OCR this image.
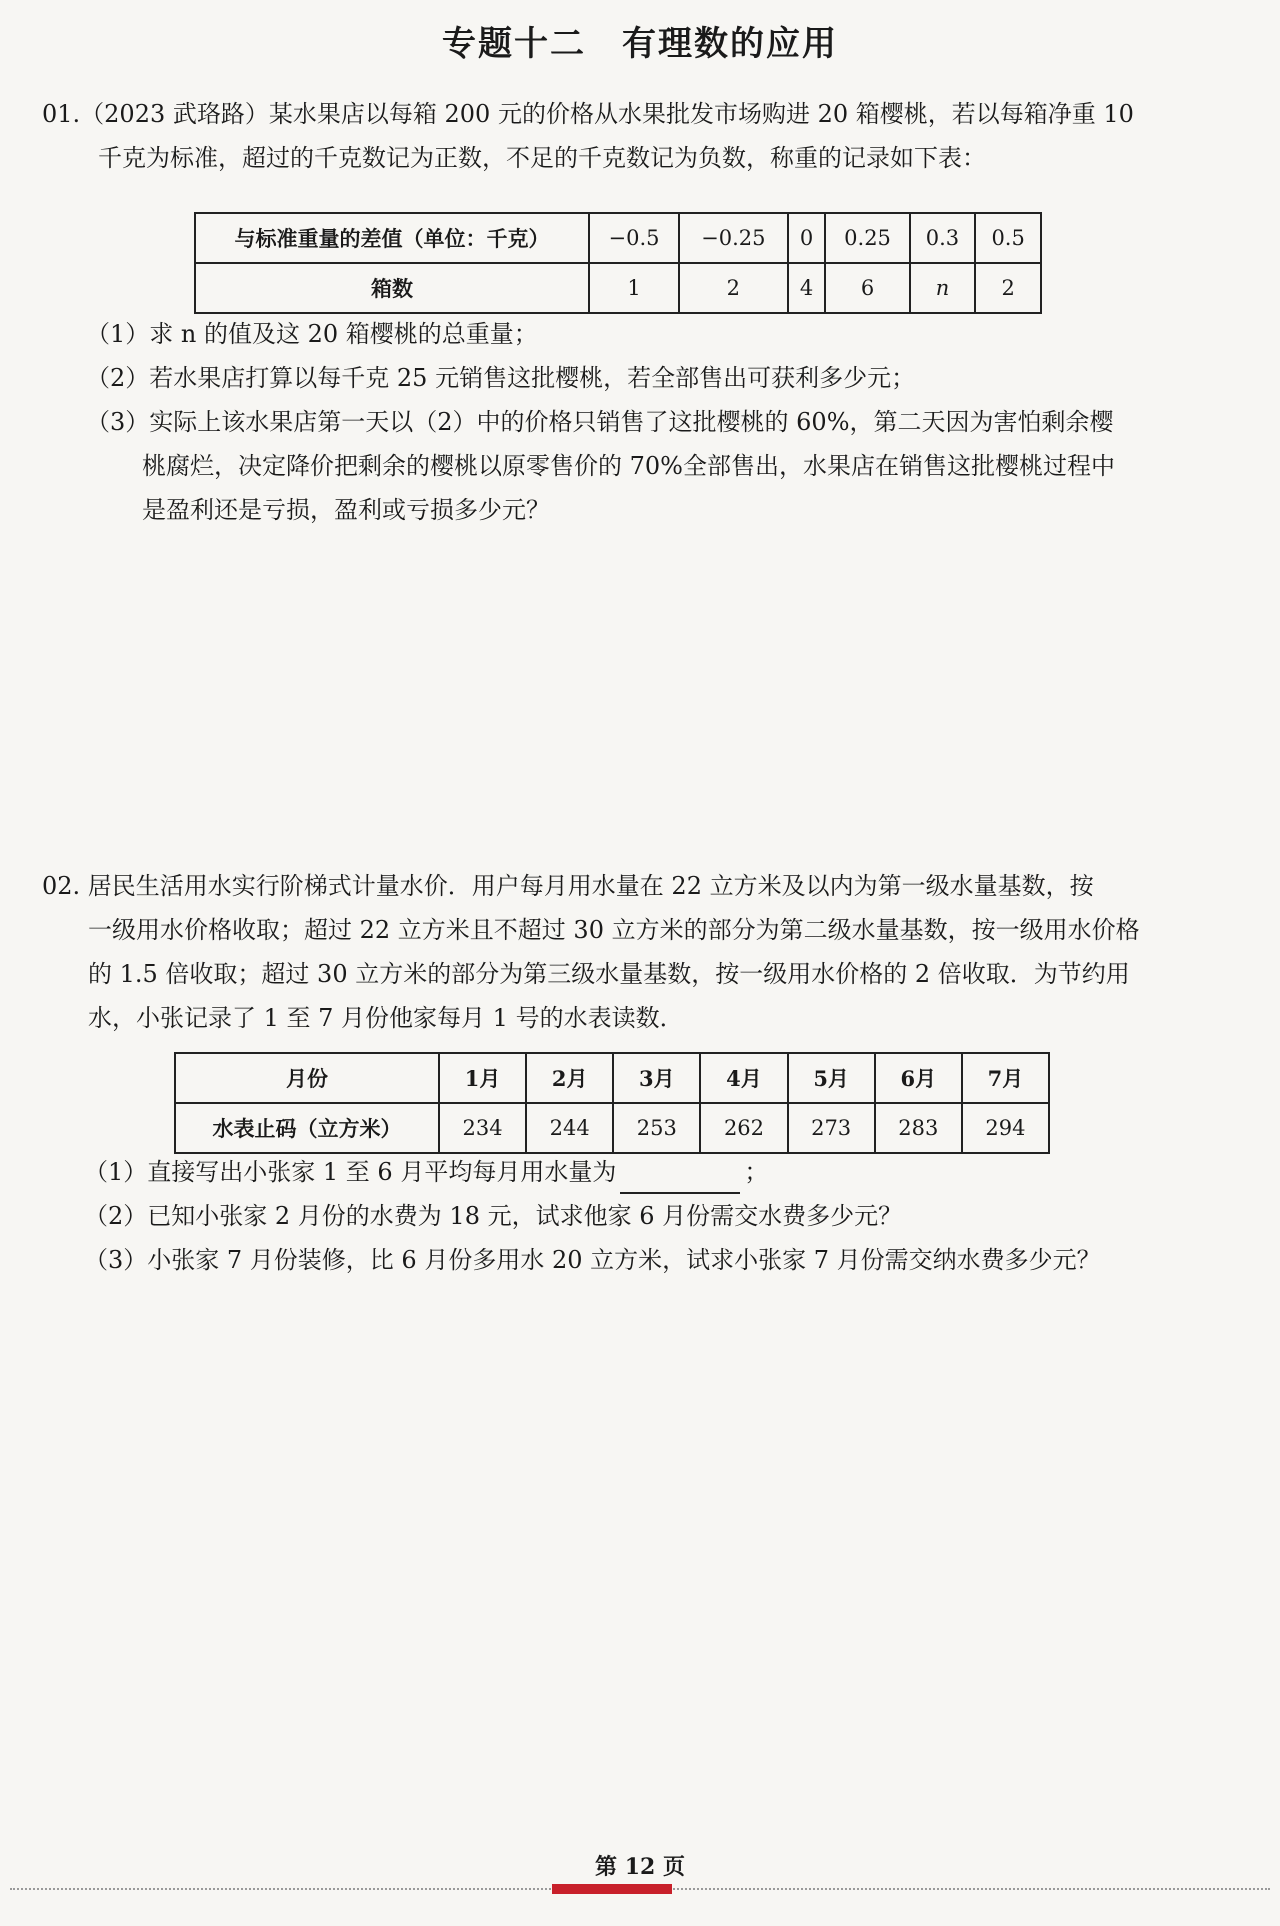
专题十二　有理数的应用
01.（2023 武珞路）某水果店以每箱 200 元的价格从水果批发市场购进 20 箱樱桃，若以每箱净重 10
千克为标准，超过的千克数记为正数，不足的千克数记为负数，称重的记录如下表：
与标准重量的差值（单位：千克）	−0.5	−0.25	0	0.25	0.3	0.5
箱数	1	2	4	6	n	2
（1）求 n 的值及这 20 箱樱桃的总重量；
（2）若水果店打算以每千克 25 元销售这批樱桃，若全部售出可获利多少元；
（3）实际上该水果店第一天以（2）中的价格只销售了这批樱桃的 60%，第二天因为害怕剩余樱
桃腐烂，决定降价把剩余的樱桃以原零售价的 70%全部售出，水果店在销售这批樱桃过程中
是盈利还是亏损，盈利或亏损多少元？
02. 居民生活用水实行阶梯式计量水价．用户每月用水量在 22 立方米及以内为第一级水量基数，按
一级用水价格收取；超过 22 立方米且不超过 30 立方米的部分为第二级水量基数，按一级用水价格
的 1.5 倍收取；超过 30 立方米的部分为第三级水量基数，按一级用水价格的 2 倍收取．为节约用
水，小张记录了 1 至 7 月份他家每月 1 号的水表读数．
月份	1月	2月	3月	4月	5月	6月	7月
水表止码（立方米）	234	244	253	262	273	283	294
（1）直接写出小张家 1 至 6 月平均每月用水量为	；
（2）已知小张家 2 月份的水费为 18 元，试求他家 6 月份需交水费多少元？
（3）小张家 7 月份装修，比 6 月份多用水 20 立方米，试求小张家 7 月份需交纳水费多少元？
第 12 页
